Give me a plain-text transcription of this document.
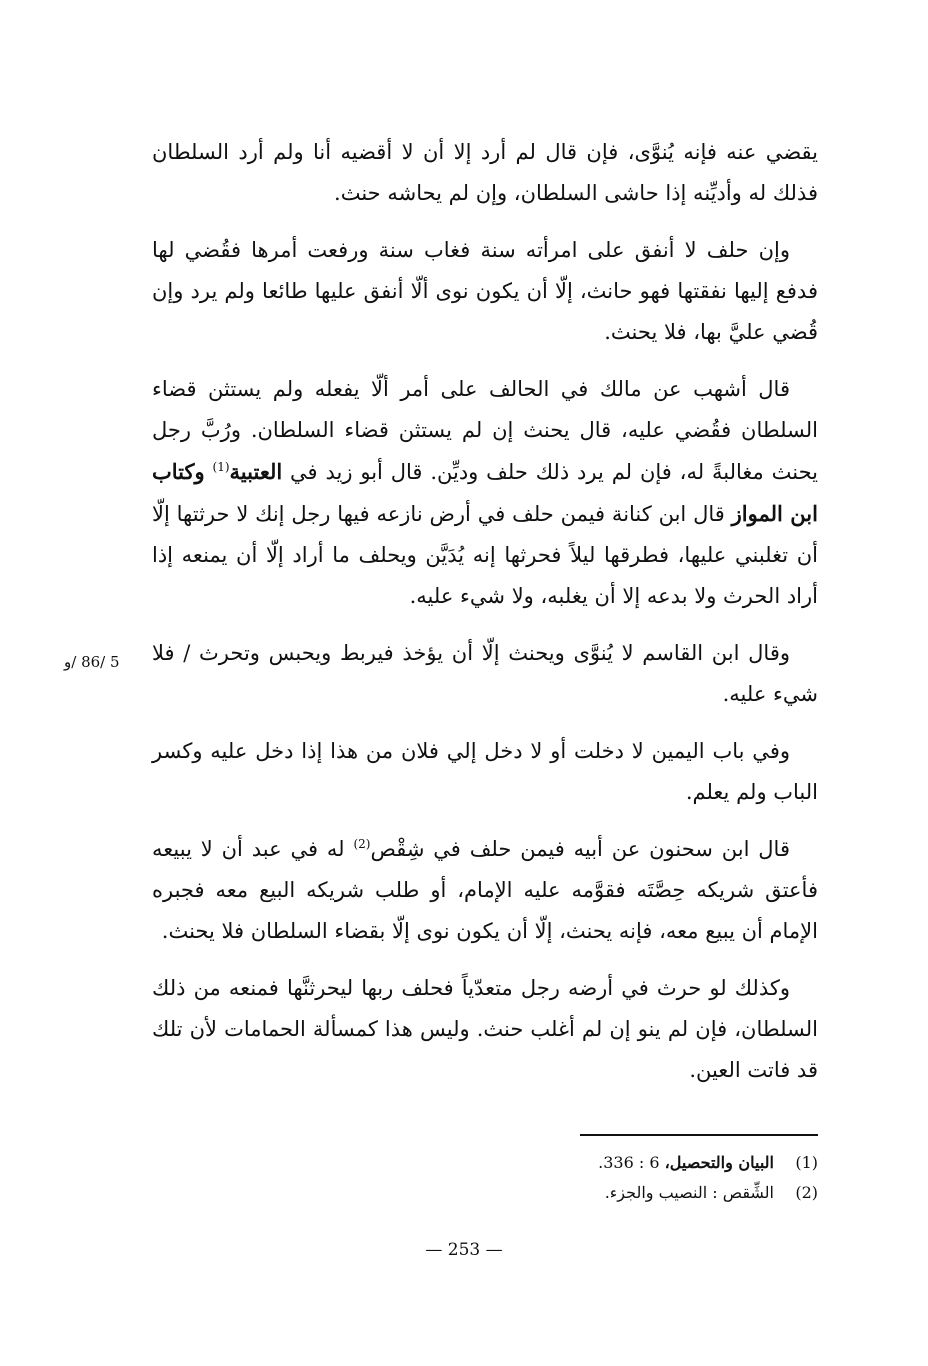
يقضي عنه فإنه يُنوَّى، فإن قال لم أرد إلا أن لا أقضيه أنا ولم أرد السلطان فذلك له وأديِّنه إذا حاشى السلطان، وإن لم يحاشه حنث.

وإن حلف لا أنفق على امرأته سنة فغاب سنة ورفعت أمرها فقُضي لها فدفع إليها نفقتها فهو حانث، إلّا أن يكون نوى ألّا أنفق عليها طائعا ولم يرد وإن قُضي عليَّ بها، فلا يحنث.

قال أشهب عن مالك في الحالف على أمر ألّا يفعله ولم يستثن قضاء السلطان فقُضي عليه، قال يحنث إن لم يستثن قضاء السلطان. ورُبَّ رجل يحنث مغالبةً له، فإن لم يرد ذلك حلف وديِّن. قال أبو زيد في العتبية$^{(1)}$ وكتاب ابن المواز قال ابن كنانة فيمن حلف في أرض نازعه فيها رجل إنك لا حرثتها إلّا أن تغلبني عليها، فطرقها ليلاً فحرثها إنه يُدَيَّن ويحلف ما أراد إلّا أن يمنعه إذا أراد الحرث ولا بدعه إلا أن يغلبه، ولا شيء عليه.

وقال ابن القاسم لا يُنوَّى ويحنث إلّا أن يؤخذ فيربط ويحبس وتحرث / فلا شيء عليه.

وفي باب اليمين لا دخلت أو لا دخل إلي فلان من هذا إذا دخل عليه وكسر الباب ولم يعلم.

قال ابن سحنون عن أبيه فيمن حلف في شِقْص$^{(2)}$ له في عبد أن لا يبيعه فأعتق شريكه حِصَّتَه فقوَّمه عليه الإمام، أو طلب شريكه البيع معه فجبره الإمام أن يبيع معه، فإنه يحنث، إلّا أن يكون نوى إلّا بقضاء السلطان فلا يحنث.

وكذلك لو حرث في أرضه رجل متعدّياً فحلف ربها ليحرثنَّها فمنعه من ذلك السلطان، فإن لم ينو إن لم أغلب حنث. وليس هذا كمسألة الحمامات لأن تلك قد فاتت العين.

5 /86 /و
(1)
البيان والتحصيل، 6 : 336.
(2)
الشِّقص : النصيب والجزء.
— 253 —
